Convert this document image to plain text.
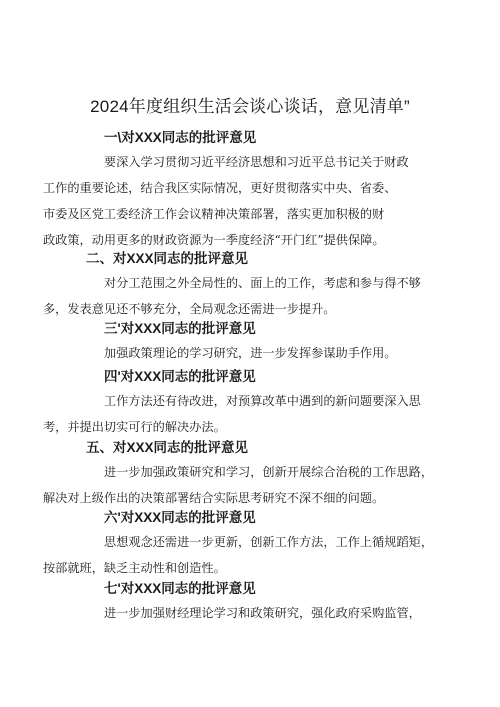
2024年度组织生活会谈心谈话，意见清单”
一\对XXX同志的批评意见
要深入学习贯彻习近平经济思想和习近平总书记关于财政
工作的重要论述，结合我区实际情况，更好贯彻落实中央、省委、
市委及区党工委经济工作会议精神决策部署，落实更加积极的财
政政策，动用更多的财政资源为一季度经济“开门红”提供保障。
二、对XXX同志的批评意见
对分工范围之外全局性的、面上的工作，考虑和参与得不够
多，发表意见还不够充分，全局观念还需进一步提升。
三'对XXX同志的批评意见
加强政策理论的学习研究，进一步发挥参谋助手作用。
四'对XXX同志的批评意见
工作方法还有待改进，对预算改革中遇到的新问题要深入思
考，并提出切实可行的解决办法。
五、对XXX同志的批评意见
进一步加强政策研究和学习，创新开展综合治税的工作思路，
解决对上级作出的决策部署结合实际思考研究不深不细的问题。
六'对XXX同志的批评意见
思想观念还需进一步更新，创新工作方法，工作上循规蹈矩，
按部就班，缺乏主动性和创造性。
七'对XXX同志的批评意见
进一步加强财经理论学习和政策研究，强化政府采购监管，
